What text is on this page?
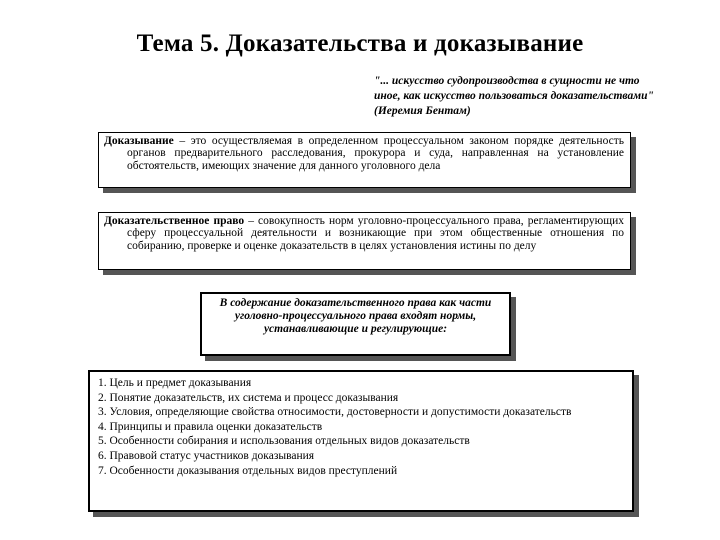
Тема 5. Доказательства и доказывание
"... искусство судопроизводства в сущности не что иное, как искусство пользоваться доказательствами" (Иеремия Бентам)
Доказывание – это осуществляемая в определенном процессуальном законом порядке деятельность органов предварительного расследования, прокурора и суда, направленная на установление обстоятельств, имеющих значение для данного уголовного дела
Доказательственное право – совокупность норм уголовно-процессуального права, регламентирующих сферу процессуальной деятельности и возникающие при этом общественные отношения по собиранию, проверке и оценке доказательств в целях установления истины по делу
В содержание доказательственного права как части уголовно-процессуального права входят нормы, устанавливающие и регулирующие:
1. Цель и предмет доказывания
2. Понятие доказательств, их система и процесс доказывания
3. Условия, определяющие свойства относимости, достоверности и допустимости доказательств
4. Принципы и правила оценки доказательств
5. Особенности собирания и использования отдельных видов доказательств
6. Правовой статус участников доказывания
7. Особенности доказывания отдельных видов преступлений
